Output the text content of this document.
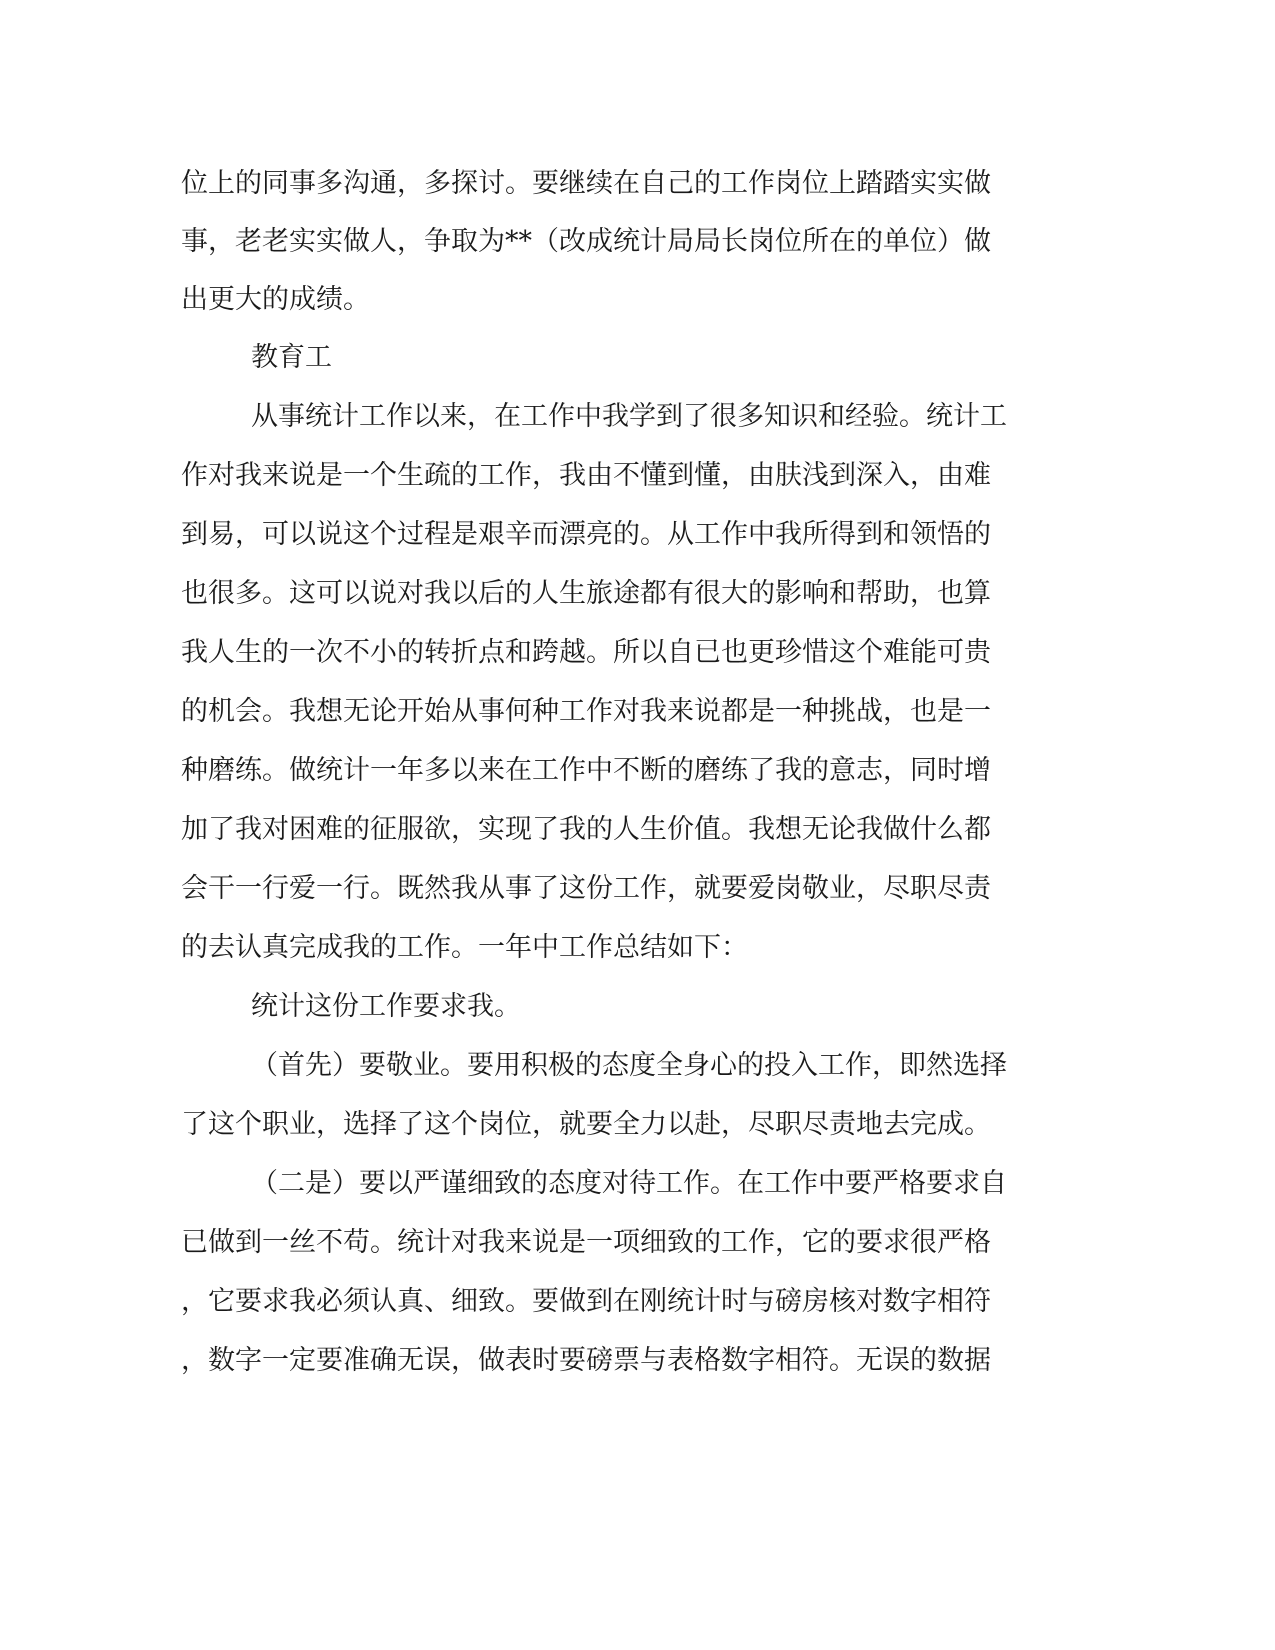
位上的同事多沟通，多探讨。要继续在自己的工作岗位上踏踏实实做

事，老老实实做人，争取为**（改成统计局局长岗位所在的单位）做

出更大的成绩。

教育工

从事统计工作以来，在工作中我学到了很多知识和经验。统计工

作对我来说是一个生疏的工作，我由不懂到懂，由肤浅到深入，由难

到易，可以说这个过程是艰辛而漂亮的。从工作中我所得到和领悟的

也很多。这可以说对我以后的人生旅途都有很大的影响和帮助，也算

我人生的一次不小的转折点和跨越。所以自已也更珍惜这个难能可贵

的机会。我想无论开始从事何种工作对我来说都是一种挑战，也是一

种磨练。做统计一年多以来在工作中不断的磨练了我的意志，同时增

加了我对困难的征服欲，实现了我的人生价值。我想无论我做什么都

会干一行爱一行。既然我从事了这份工作，就要爱岗敬业，尽职尽责

的去认真完成我的工作。一年中工作总结如下：

统计这份工作要求我。

（首先）要敬业。要用积极的态度全身心的投入工作，即然选择

了这个职业，选择了这个岗位，就要全力以赴，尽职尽责地去完成。

（二是）要以严谨细致的态度对待工作。在工作中要严格要求自

已做到一丝不苟。统计对我来说是一项细致的工作，它的要求很严格

，它要求我必须认真、细致。要做到在刚统计时与磅房核对数字相符

，数字一定要准确无误，做表时要磅票与表格数字相符。无误的数据
